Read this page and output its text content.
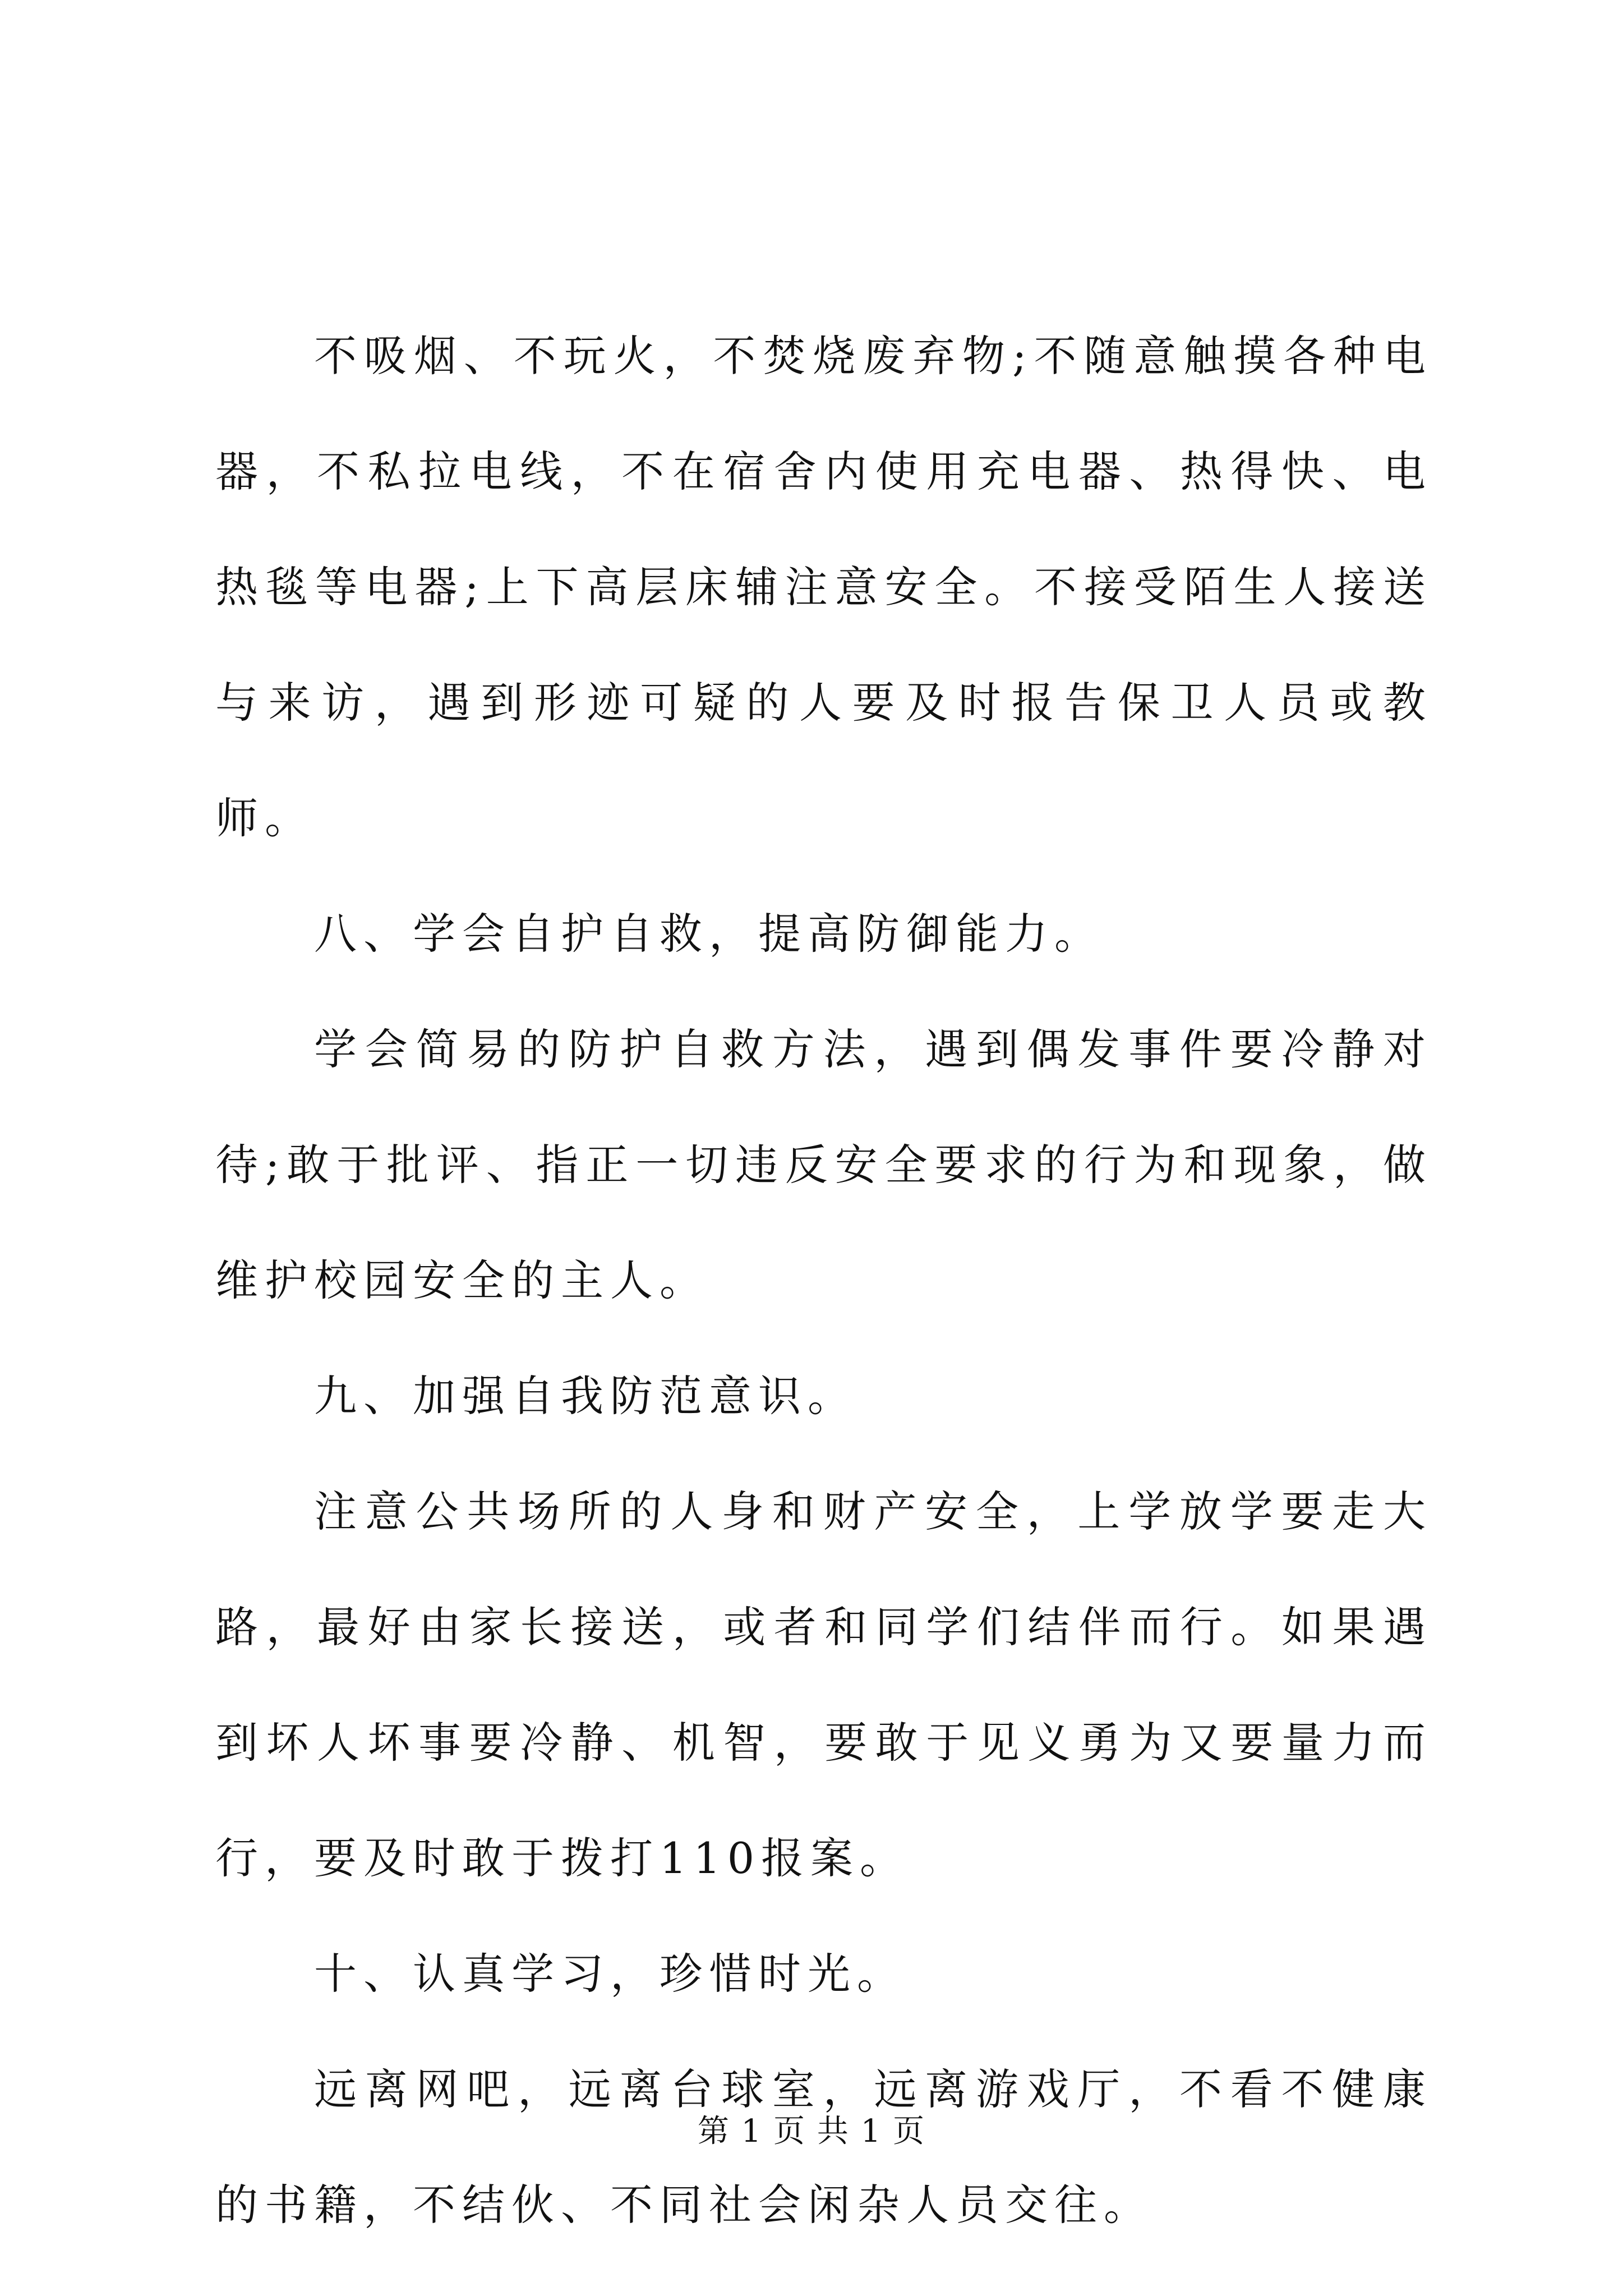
不吸烟、不玩火，不焚烧废弃物;不随意触摸各种电器，不私拉电线，不在宿舍内使用充电器、热得快、电热毯等电器;上下高层床辅注意安全。不接受陌生人接送与来访，遇到形迹可疑的人要及时报告保卫人员或教师。

八、学会自护自救，提高防御能力。

学会简易的防护自救方法，遇到偶发事件要冷静对待;敢于批评、指正一切违反安全要求的行为和现象，做维护校园安全的主人。

九、加强自我防范意识。

注意公共场所的人身和财产安全，上学放学要走大路，最好由家长接送，或者和同学们结伴而行。如果遇到坏人坏事要冷静、机智，要敢于见义勇为又要量力而行，要及时敢于拨打110报案。

十、认真学习，珍惜时光。

远离网吧，远离台球室，远离游戏厅，不看不健康的书籍，不结伙、不同社会闲杂人员交往。

第 1 页 共 1 页
